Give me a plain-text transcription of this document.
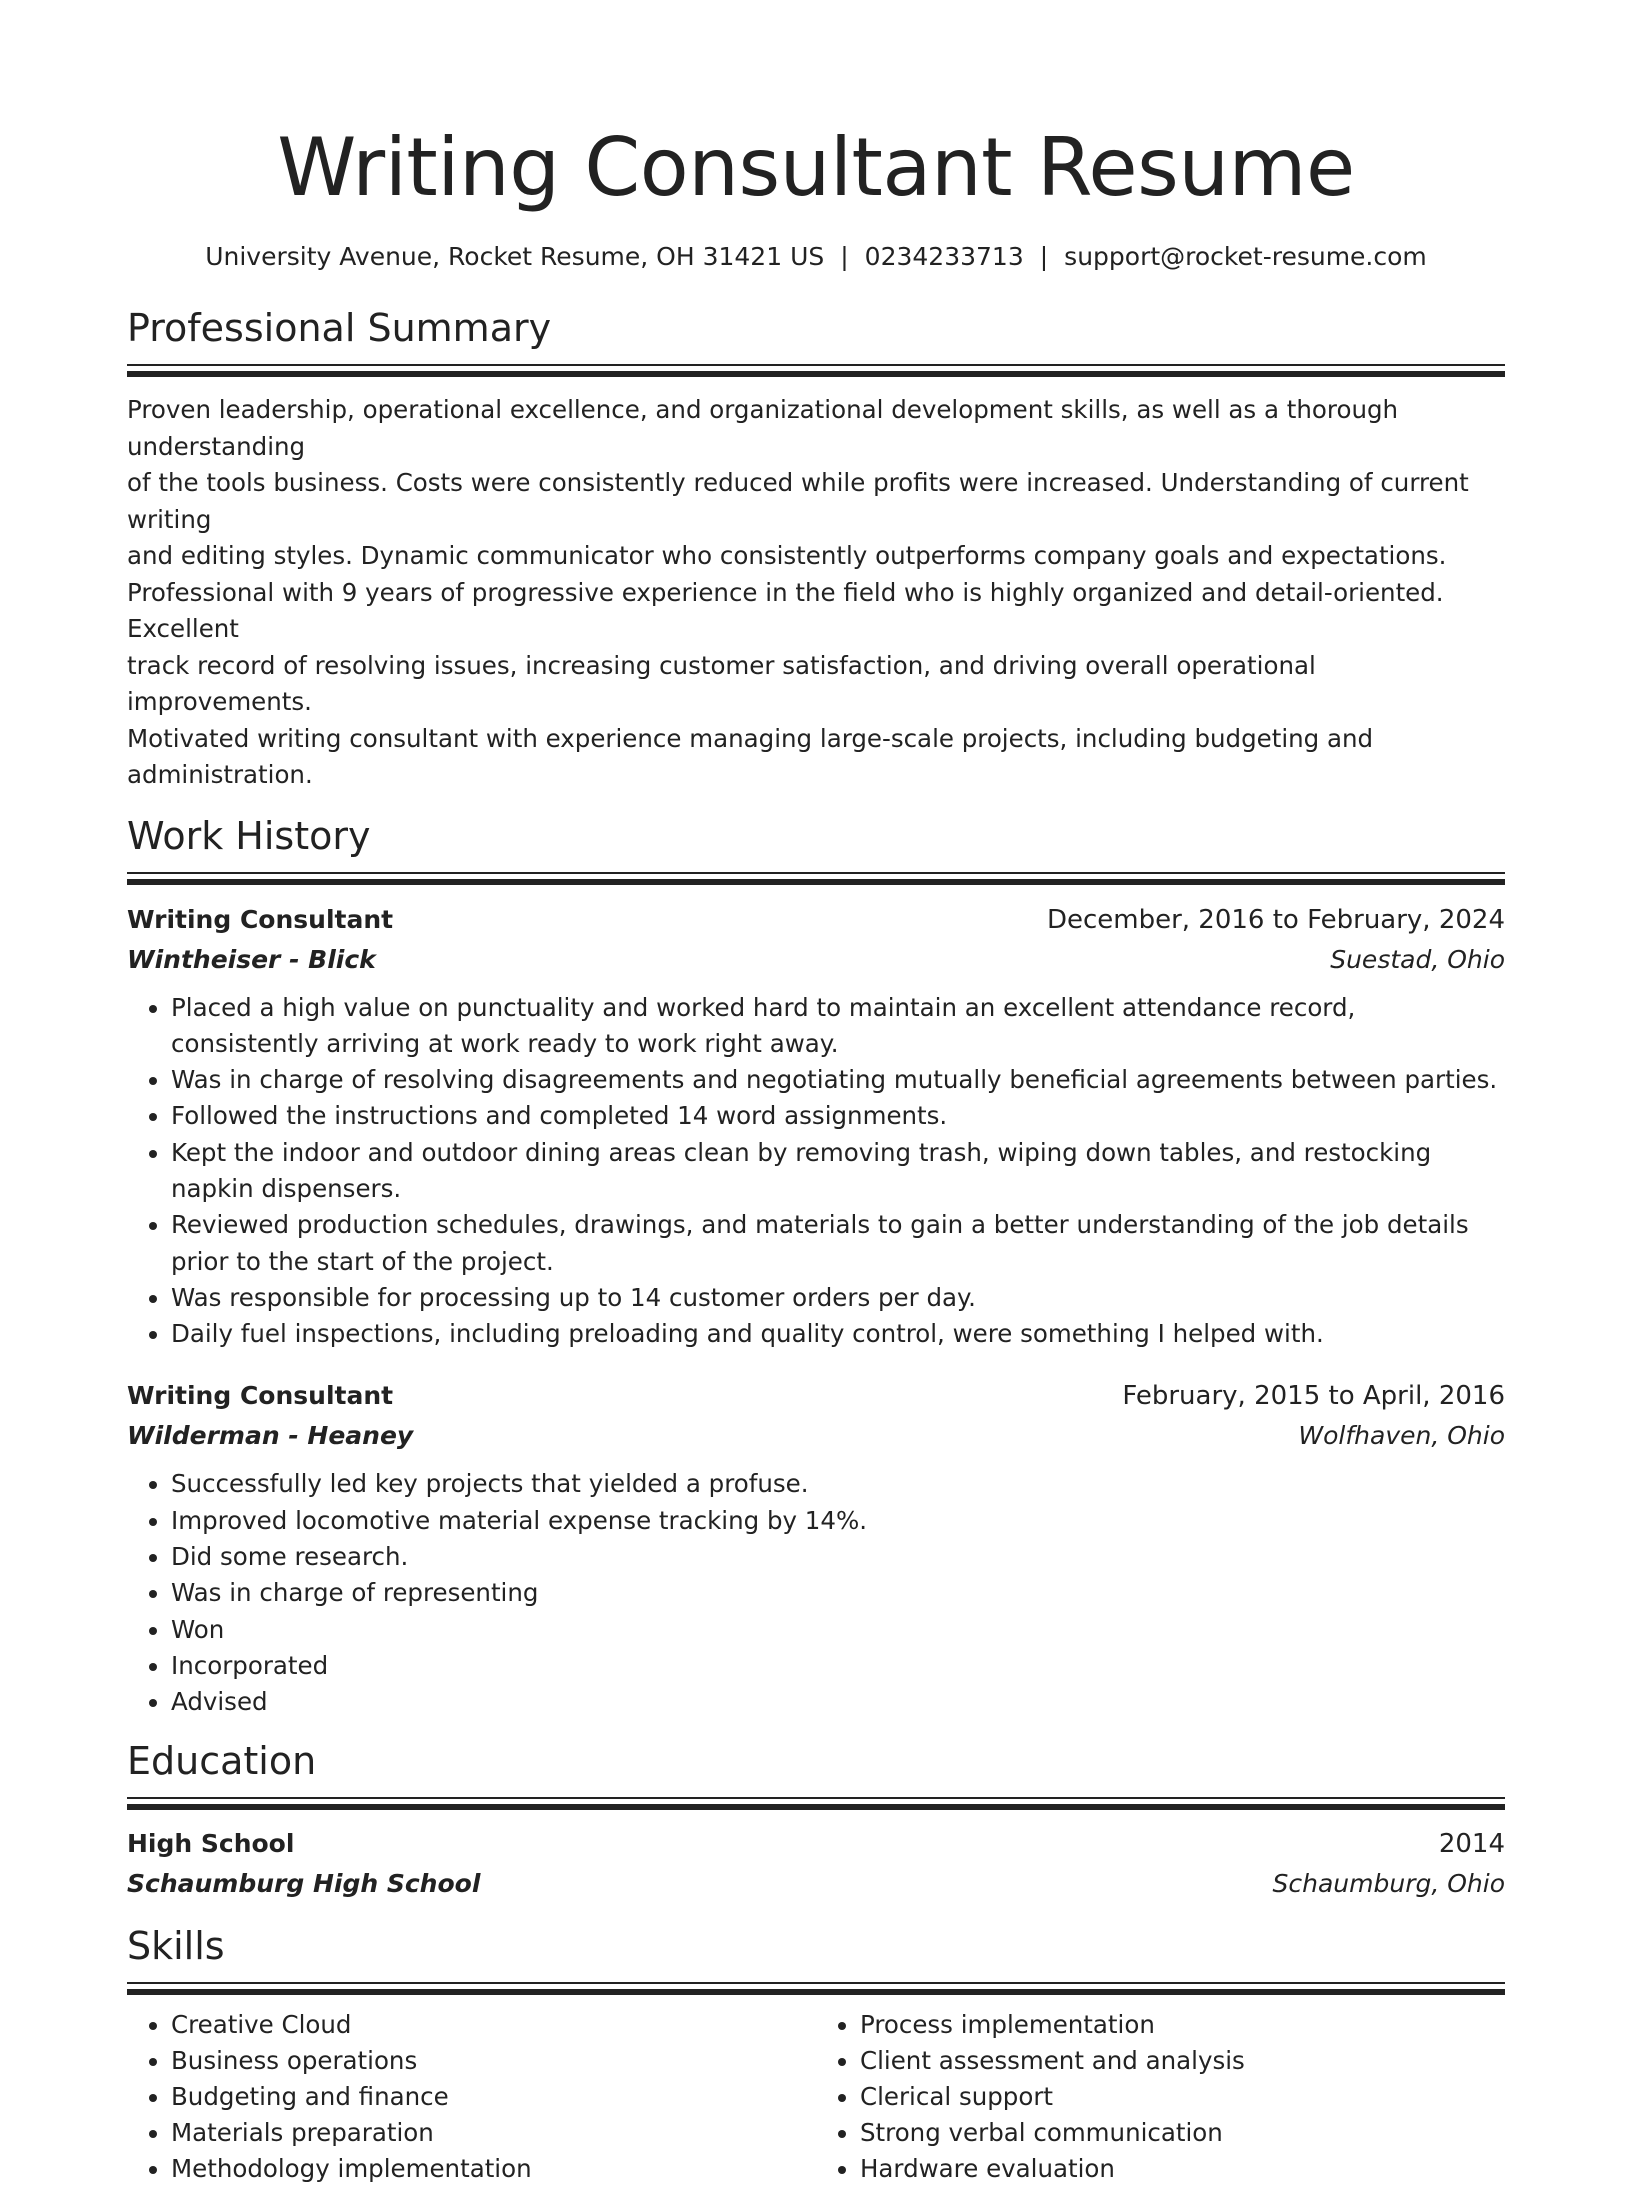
Writing Consultant Resume
University Avenue, Rocket Resume, OH 31421 US | 0234233713 | support@rocket-resume.com
Professional Summary
Proven leadership, operational excellence, and organizational development skills, as well as a thorough understanding
of the tools business. Costs were consistently reduced while profits were increased. Understanding of current writing
and editing styles. Dynamic communicator who consistently outperforms company goals and expectations.
Professional with 9 years of progressive experience in the field who is highly organized and detail-oriented. Excellent
track record of resolving issues, increasing customer satisfaction, and driving overall operational improvements.
Motivated writing consultant with experience managing large-scale projects, including budgeting and administration.
Work History
Writing Consultant	December, 2016 to February, 2024
Wintheiser - Blick	Suestad, Ohio
• Placed a high value on punctuality and worked hard to maintain an excellent attendance record, consistently arriving at work ready to work right away.
• Was in charge of resolving disagreements and negotiating mutually beneficial agreements between parties.
• Followed the instructions and completed 14 word assignments.
• Kept the indoor and outdoor dining areas clean by removing trash, wiping down tables, and restocking napkin dispensers.
• Reviewed production schedules, drawings, and materials to gain a better understanding of the job details prior to the start of the project.
• Was responsible for processing up to 14 customer orders per day.
• Daily fuel inspections, including preloading and quality control, were something I helped with.
Writing Consultant	February, 2015 to April, 2016
Wilderman - Heaney	Wolfhaven, Ohio
• Successfully led key projects that yielded a profuse.
• Improved locomotive material expense tracking by 14%.
• Did some research.
• Was in charge of representing
• Won
• Incorporated
• Advised
Education
High School	2014
Schaumburg High School	Schaumburg, Ohio
Skills
• Creative Cloud
• Business operations
• Budgeting and finance
• Materials preparation
• Methodology implementation
• Process implementation
• Client assessment and analysis
• Clerical support
• Strong verbal communication
• Hardware evaluation
